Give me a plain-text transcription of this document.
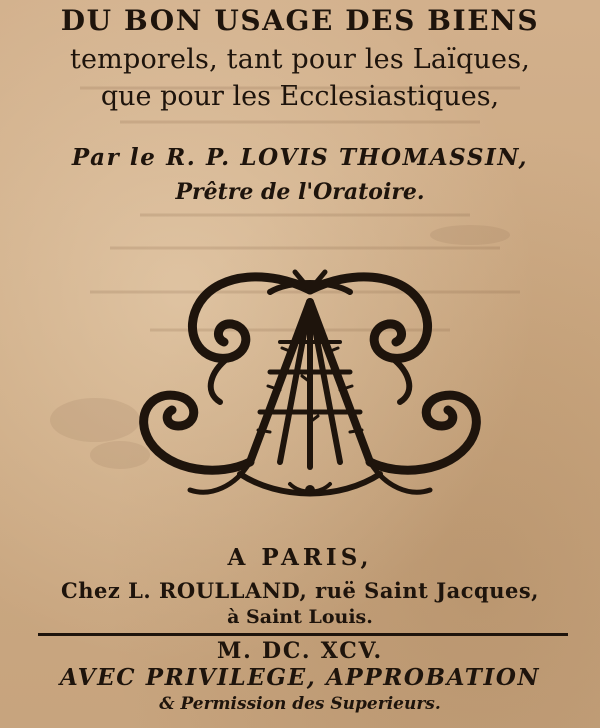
DU BON USAGE DES BIENS
temporels, tant pour les Laïques,
que pour les Ecclesiastiques,
Par le R. P. LOVIS THOMASSIN,
Prêtre de l'Oratoire.
A PARIS,
Chez L. ROULLAND, ruë Saint Jacques,
à Saint Louis.
M. DC. XCV.
AVEC PRIVILEGE, APPROBATION
& Permission des Superieurs.
